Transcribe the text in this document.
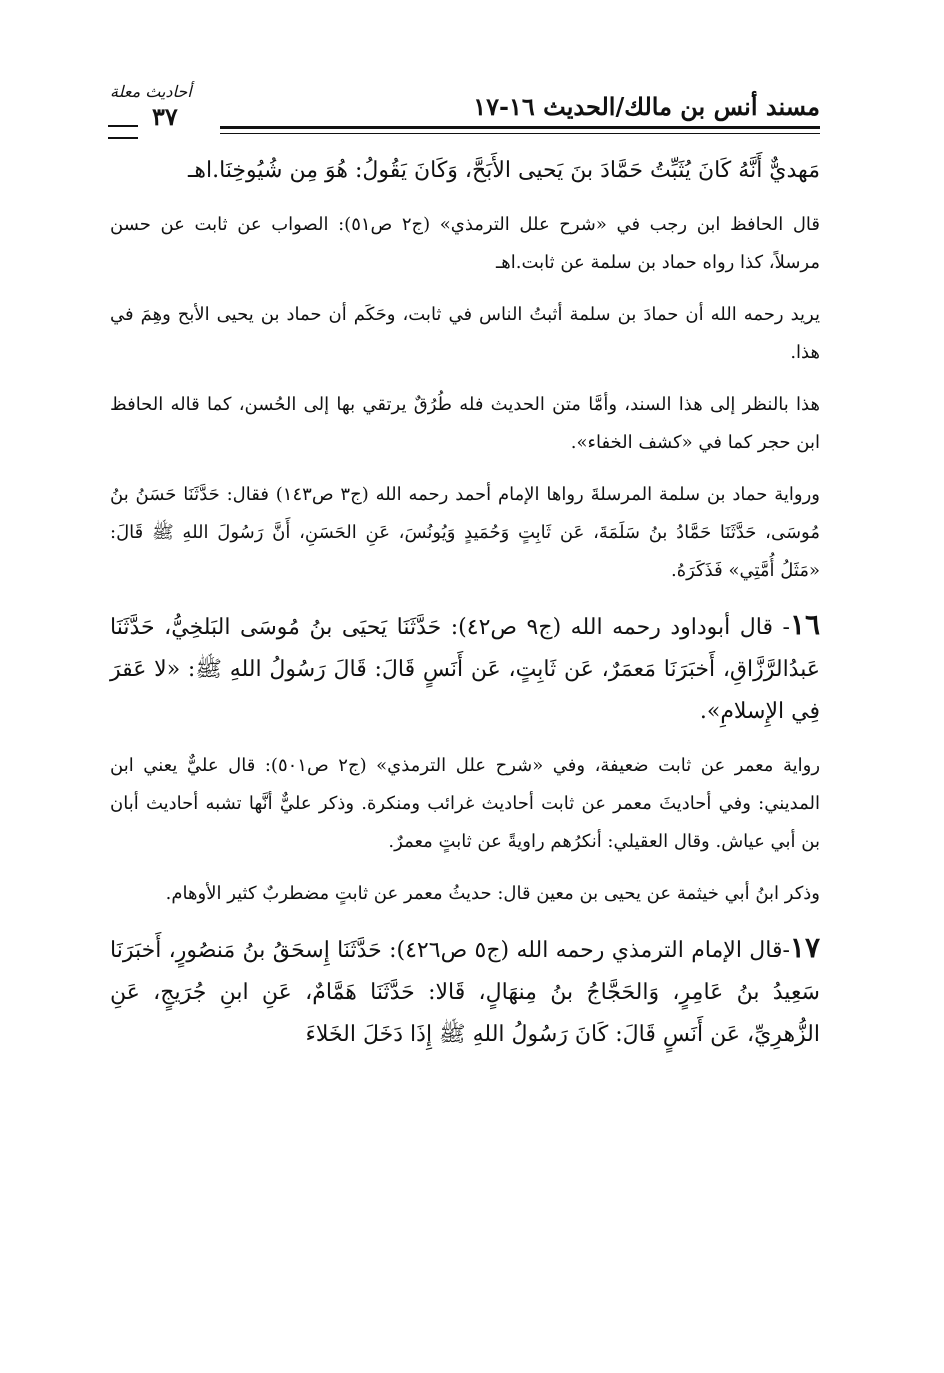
أحاديث معلة
٣٧	مسند أنس بن مالك/الحديث ١٦-١٧

مَهديٌّ أَنَّهُ كَانَ يُثَبِّتُ حَمَّادَ بنَ يَحيى الأَبَحَّ، وَكَانَ يَقُولُ: هُوَ مِن شُيُوخِنَا.اهـ

قال الحافظ ابن رجب في «شرح علل الترمذي» (ج٢ ص٥١): الصواب عن ثابت عن حسن مرسلاً، كذا رواه حماد بن سلمة عن ثابت.اهـ

يريد رحمه الله أن حمادَ بن سلمة أثبتُ الناس في ثابت، وحَكَم أن حماد بن يحيى الأبح وهِمَ في هذا.

هذا بالنظر إلى هذا السند، وأمَّا متن الحديث فله طُرُقٌ يرتقي بها إلى الحُسن، كما قاله الحافظ ابن حجر كما في «كشف الخفاء».

ورواية حماد بن سلمة المرسلةَ رواها الإمام أحمد رحمه الله (ج٣ ص١٤٣) فقال: حَدَّثَنَا حَسَنُ بنُ مُوسَى، حَدَّثَنَا حَمَّادُ بنُ سَلَمَةَ، عَن ثَابِتٍ وَحُمَيدٍ وَيُونُسَ، عَنِ الحَسَنِ، أَنَّ رَسُولَ اللهِ ﷺ قَالَ: «مَثَلُ أُمَّتِي» فَذَكَرَهُ.

١٦- قال أبوداود رحمه الله (ج٩ ص٤٢): حَدَّثَنَا يَحيَى بنُ مُوسَى البَلخِيُّ، حَدَّثَنَا عَبدُالرَّزَّاقِ، أَخبَرَنَا مَعمَرٌ، عَن ثَابِتٍ، عَن أَنَسٍ قَالَ: قَالَ رَسُولُ اللهِ ﷺ: «لا عَقرَ فِي الإِسلامِ».

رواية معمر عن ثابت ضعيفة، وفي «شرح علل الترمذي» (ج٢ ص٥٠١): قال عليٌّ يعني ابن المديني: وفي أحاديثَ معمر عن ثابت أحاديث غرائب ومنكرة. وذكر عليٌّ أنَّها تشبه أحاديث أبان بن أبي عياش. وقال العقيلي: أنكرُهم راويةً عن ثابتٍ معمرٌ.

وذكر ابنُ أبي خيثمة عن يحيى بن معين قال: حديثُ معمر عن ثابتٍ مضطربٌ كثير الأوهام.

١٧-قال الإمام الترمذي رحمه الله (ج٥ ص٤٢٦): حَدَّثَنَا إِسحَقُ بنُ مَنصُورٍ، أَخبَرَنَا سَعِيدُ بنُ عَامِرٍ، وَالحَجَّاجُ بنُ مِنهَالٍ، قَالا: حَدَّثَنَا هَمَّامٌ، عَنِ ابنِ جُرَيجٍ، عَنِ الزُّهرِيِّ، عَن أَنَسٍ قَالَ: كَانَ رَسُولُ اللهِ ﷺ إِذَا دَخَلَ الخَلاءَ
